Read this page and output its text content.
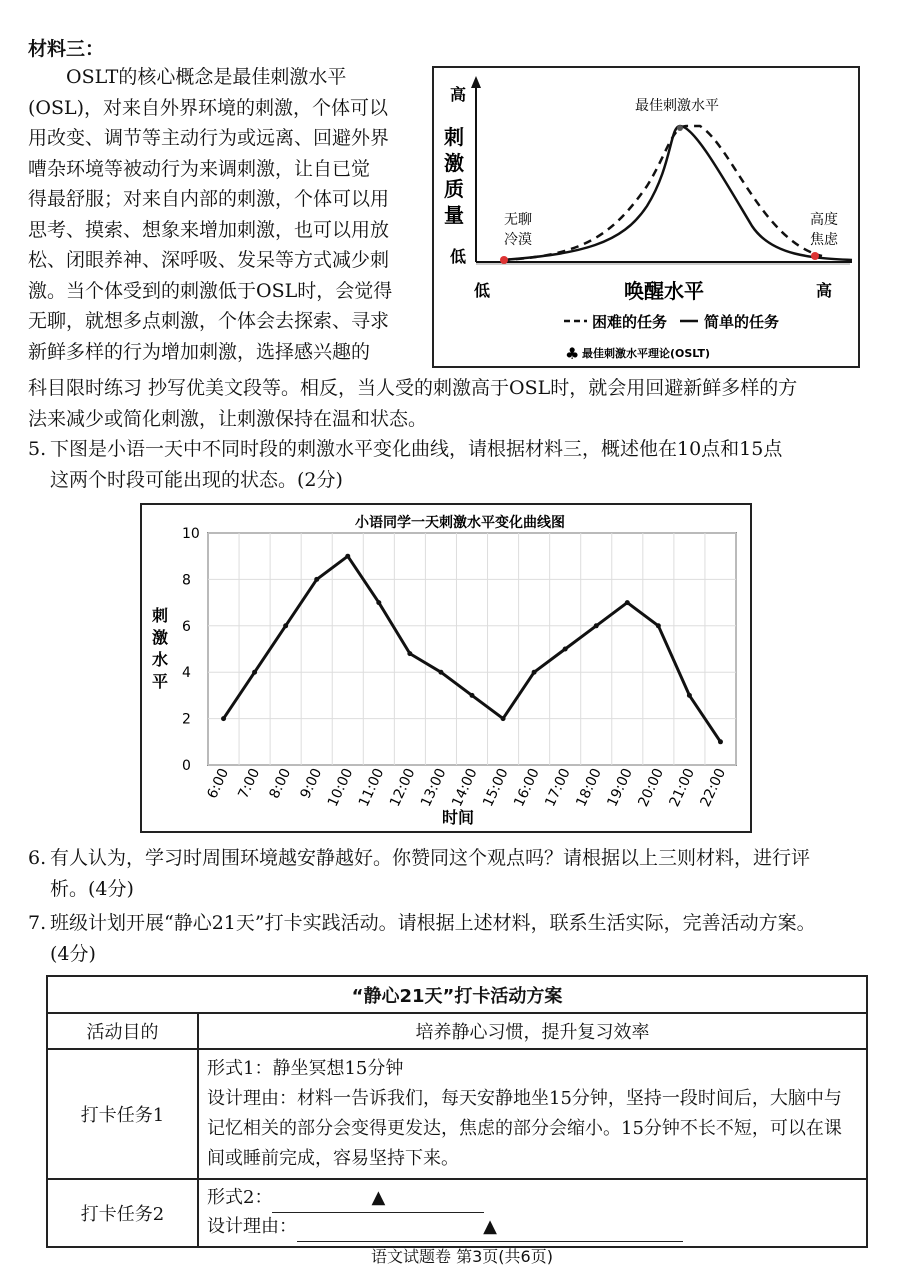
材料三：
OSLT的核心概念是最佳刺激水平
(OSL)，对来自外界环境的刺激，个体可以
用改变、调节等主动行为或远离、回避外界
嘈杂环境等被动行为来调刺激，让自已觉
得最舒服；对来自内部的刺激，个体可以用
思考、摸索、想象来增加刺激，也可以用放
松、闭眼养神、深呼吸、发呆等方式减少刺
激。当个体受到的刺激低于OSL时，会觉得
无聊，就想多点刺激，个体会去探索、寻求
新鲜多样的行为增加刺激，选择感兴趣的
高
低
刺
激
质
量
最佳刺激水平
无聊
冷漠
高度
焦虑
低	唤醒水平	高
困难的任务 简单的任务
♣ 最佳刺激水平理论(OSLT)
科目限时练习 抄写优美文段等。相反，当人受的刺激高于OSL时，就会用回避新鲜多样的方
法来减少或简化刺激，让刺激保持在温和状态。
5. 下图是小语一天中不同时段的刺激水平变化曲线，请根据材料三，概述他在10点和15点
这两个时段可能出现的状态。(2分)
小语同学一天刺激水平变化曲线图
0
2
4
6
8
10
6:00 7:00 8:00 9:00 10:00 11:00 12:00 13:00 14:00 15:00 16:00 17:00 18:00 19:00 20:00 21:00 22:00
刺
激
水
平
时间
6. 有人认为，学习时周围环境越安静越好。你赞同这个观点吗？请根据以上三则材料，进行评
析。(4分)
7. 班级计划开展“静心21天”打卡实践活动。请根据上述材料，联系生活实际，完善活动方案。
(4分)
“静心21天”打卡活动方案	
活动目的	培养静心习惯，提升复习效率
打卡任务1	形式1：静坐冥想15分钟
设计理由：材料一告诉我们，每天安静地坐15分钟，坚持一段时间后，大脑中与记忆相关的部分会变得更发达，焦虑的部分会缩小。15分钟不长不短，可以在课间或睡前完成，容易坚持下来。

打卡任务2	形式2： ▲
设计理由： ▲
语文试题卷 第3页(共6页)
